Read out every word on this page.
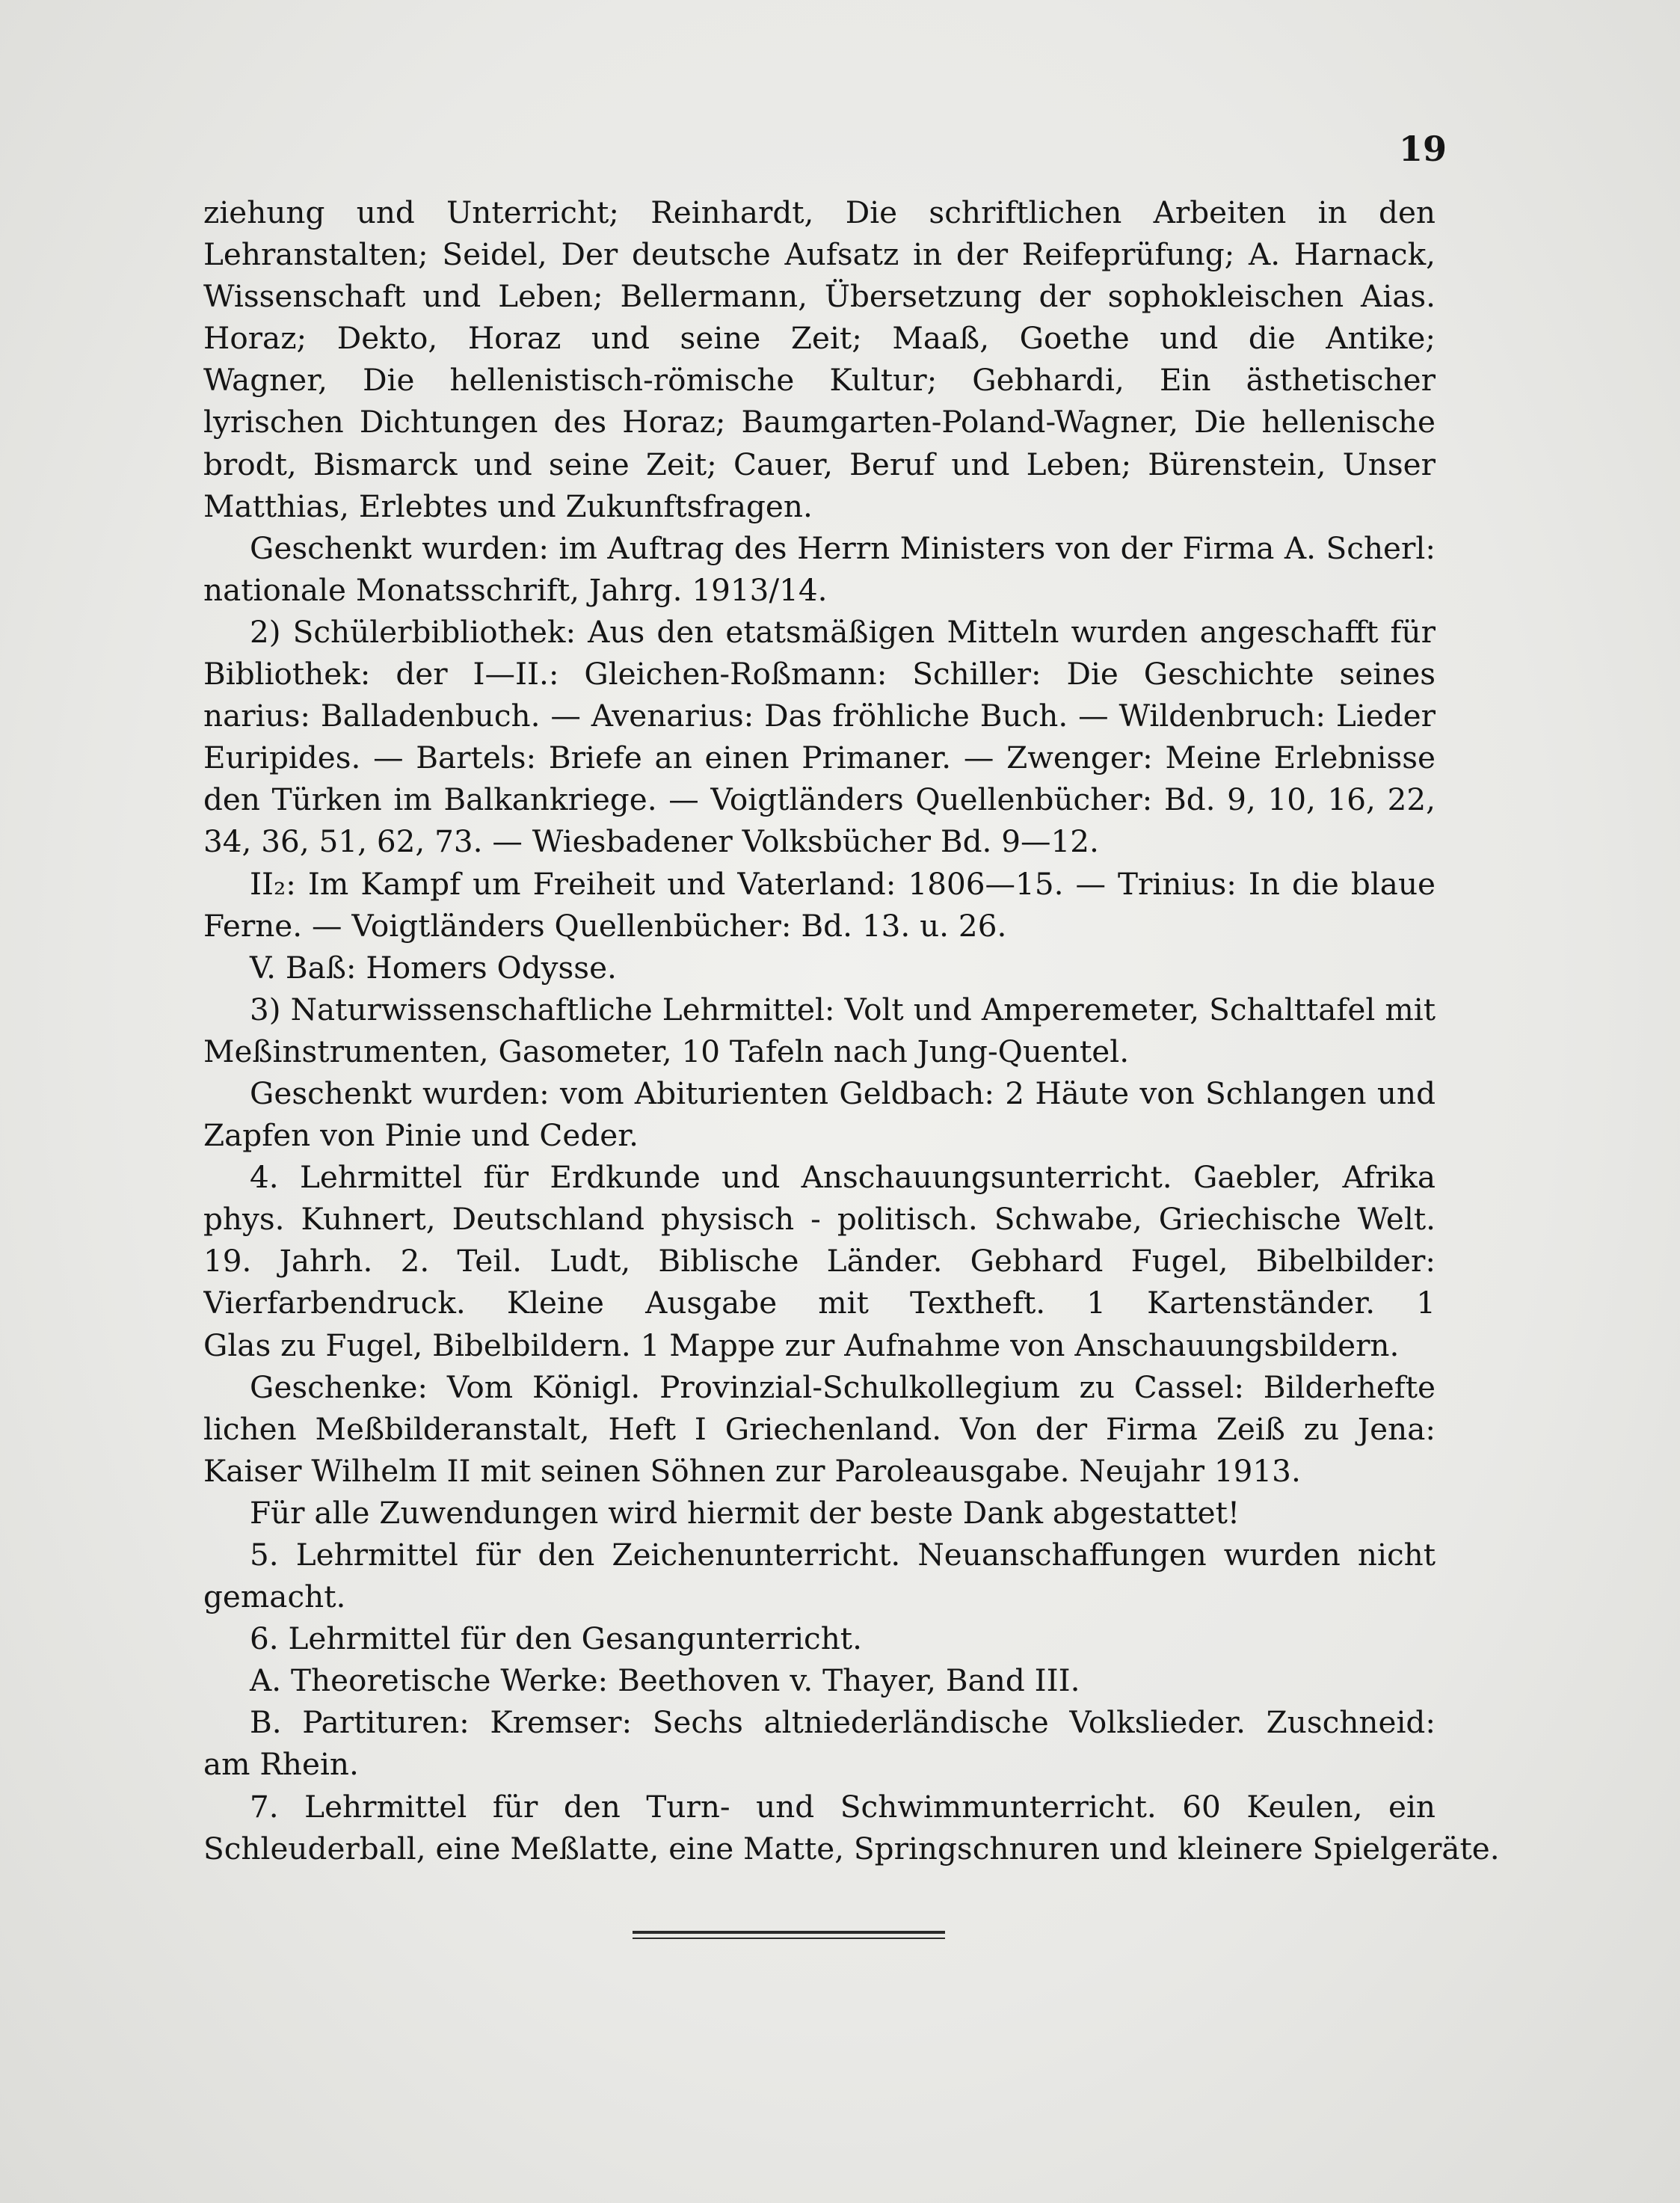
19
ziehung und Unterricht; Reinhardt, Die schriftlichen Arbeiten in den
Lehranstalten; Seidel, Der deutsche Aufsatz in der Reifeprüfung; A. Harnack,
Wissenschaft und Leben; Bellermann, Übersetzung der sophokleischen Aias.
Horaz; Dekto, Horaz und seine Zeit; Maaß, Goethe und die Antike;
Wagner, Die hellenistisch-römische Kultur; Gebhardi, Ein ästhetischer
lyrischen Dichtungen des Horaz; Baumgarten-Poland-Wagner, Die hellenische
brodt, Bismarck und seine Zeit; Cauer, Beruf und Leben; Bürenstein, Unser
Matthias, Erlebtes und Zukunftsfragen.
Geschenkt wurden: im Auftrag des Herrn Ministers von der Firma A. Scherl:
nationale Monatsschrift, Jahrg. 1913/14.
2) Schülerbibliothek: Aus den etatsmäßigen Mitteln wurden angeschafft für
Bibliothek: der I—II.: Gleichen-Roßmann: Schiller: Die Geschichte seines
narius: Balladenbuch. — Avenarius: Das fröhliche Buch. — Wildenbruch: Lieder
Euripides. — Bartels: Briefe an einen Primaner. — Zwenger: Meine Erlebnisse
den Türken im Balkankriege. — Voigtländers Quellenbücher: Bd. 9, 10, 16, 22,
34, 36, 51, 62, 73. — Wiesbadener Volksbücher Bd. 9—12.
II₂: Im Kampf um Freiheit und Vaterland: 1806—15. — Trinius: In die blaue
Ferne. — Voigtländers Quellenbücher: Bd. 13. u. 26.
V. Baß: Homers Odysse.
3) Naturwissenschaftliche Lehrmittel: Volt und Amperemeter, Schalttafel mit
Meßinstrumenten, Gasometer, 10 Tafeln nach Jung-Quentel.
Geschenkt wurden: vom Abiturienten Geldbach: 2 Häute von Schlangen und
Zapfen von Pinie und Ceder.
4. Lehrmittel für Erdkunde und Anschauungsunterricht. Gaebler, Afrika
phys. Kuhnert, Deutschland physisch - politisch. Schwabe, Griechische Welt.
19. Jahrh. 2. Teil. Ludt, Biblische Länder. Gebhard Fugel, Bibelbilder:
Vierfarbendruck. Kleine Ausgabe mit Textheft. 1 Kartenständer. 1
Glas zu Fugel, Bibelbildern. 1 Mappe zur Aufnahme von Anschauungsbildern.
Geschenke: Vom Königl. Provinzial-Schulkollegium zu Cassel: Bilderhefte
lichen Meßbilderanstalt, Heft I Griechenland. Von der Firma Zeiß zu Jena:
Kaiser Wilhelm II mit seinen Söhnen zur Paroleausgabe. Neujahr 1913.
Für alle Zuwendungen wird hiermit der beste Dank abgestattet!
5. Lehrmittel für den Zeichenunterricht. Neuanschaffungen wurden nicht
gemacht.
6. Lehrmittel für den Gesangunterricht.
A. Theoretische Werke: Beethoven v. Thayer, Band III.
B. Partituren: Kremser: Sechs altniederländische Volkslieder. Zuschneid:
am Rhein.
7. Lehrmittel für den Turn- und Schwimmunterricht. 60 Keulen, ein
Schleuderball, eine Meßlatte, eine Matte, Springschnuren und kleinere Spielgeräte.
